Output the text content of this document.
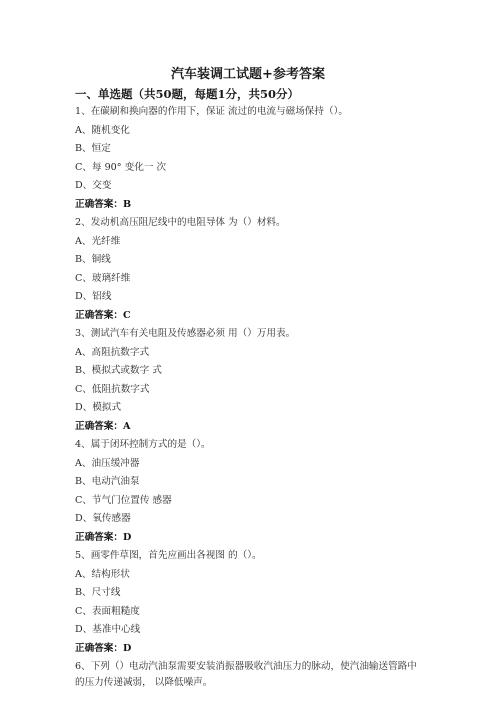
汽车装调工试题+参考答案
一、单选题（共50题，每题1分，共50分）
1、在碳刷和换向器的作用下，保证 流过的电流与磁场保持（）。
A、随机变化
B、恒定
C、每 90° 变化一 次
D、交变
正确答案：B
2、发动机高压阻尼线中的电阻导体 为（）材料。
A、光纤维
B、铜线
C、玻璃纤维
D、铝线
正确答案：C
3、测试汽车有关电阻及传感器必须 用（）万用表。
A、高阻抗数字式
B、模拟式或数字 式
C、低阻抗数字式
D、模拟式
正确答案：A
4、属于闭环控制方式的是（）。
A、油压缓冲器
B、电动汽油泵
C、节气门位置传 感器
D、氧传感器
正确答案：D
5、画零件草图，首先应画出各视图 的（）。
A、结构形状
B、尺寸线
C、表面粗糙度
D、基准中心线
正确答案：D
6、下列（）电动汽油泵需要安装消振器吸收汽油压力的脉动，使汽油输送管路中的压力传递减弱， 以降低噪声。
